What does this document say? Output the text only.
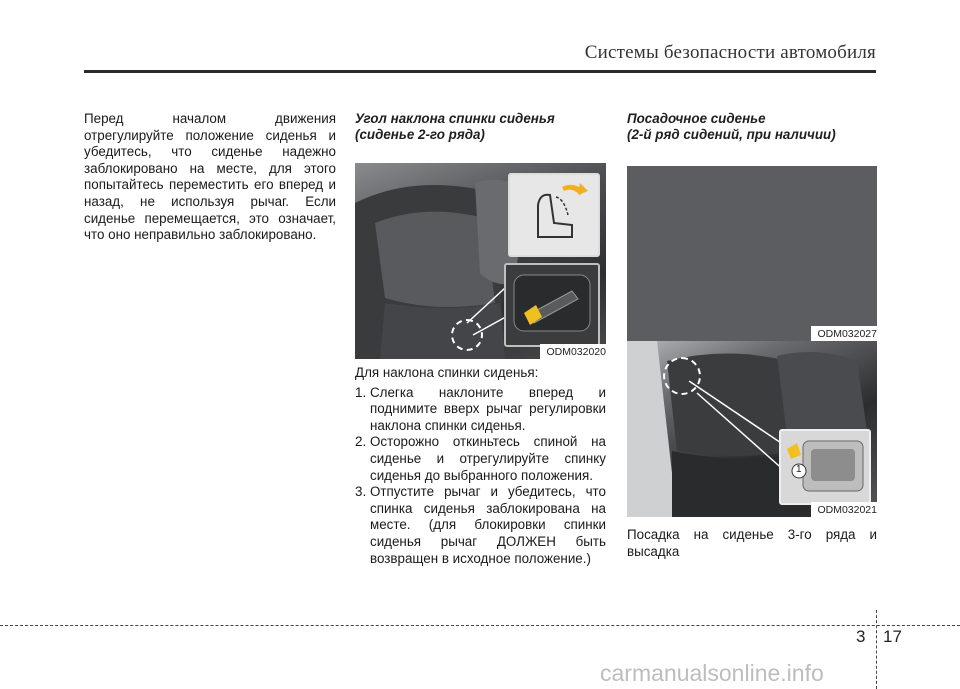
Системы безопасности автомобиля

Перед началом движения отрегулируйте положение сиденья и убедитесь, что сиденье надежно заблокировано на месте, для этого попытайтесь переместить его вперед и назад, не используя рычаг. Если сиденье перемещается, это означает, что оно неправильно заблокировано.

Угол наклона спинки сиденья
(сиденье 2-го ряда)

ODM032020

Для наклона спинки сиденья:

1. Слегка наклоните вперед и поднимите вверх рычаг регулировки наклона спинки сиденья.
2. Осторожно откиньтесь спиной на сиденье и отрегулируйте спинку сиденья до выбранного положения.
3. Отпустите рычаг и убедитесь, что спинка сиденья заблокирована на месте. (для блокировки спинки сиденья рычаг ДОЛЖЕН быть возвращен в исходное положение.)

Посадочное сиденье
(2-й ряд сидений, при наличии)

ODM032027
1
ODM032021

Посадка на сиденье 3-го ряда и высадка

3 17
carmanualsonline.info
